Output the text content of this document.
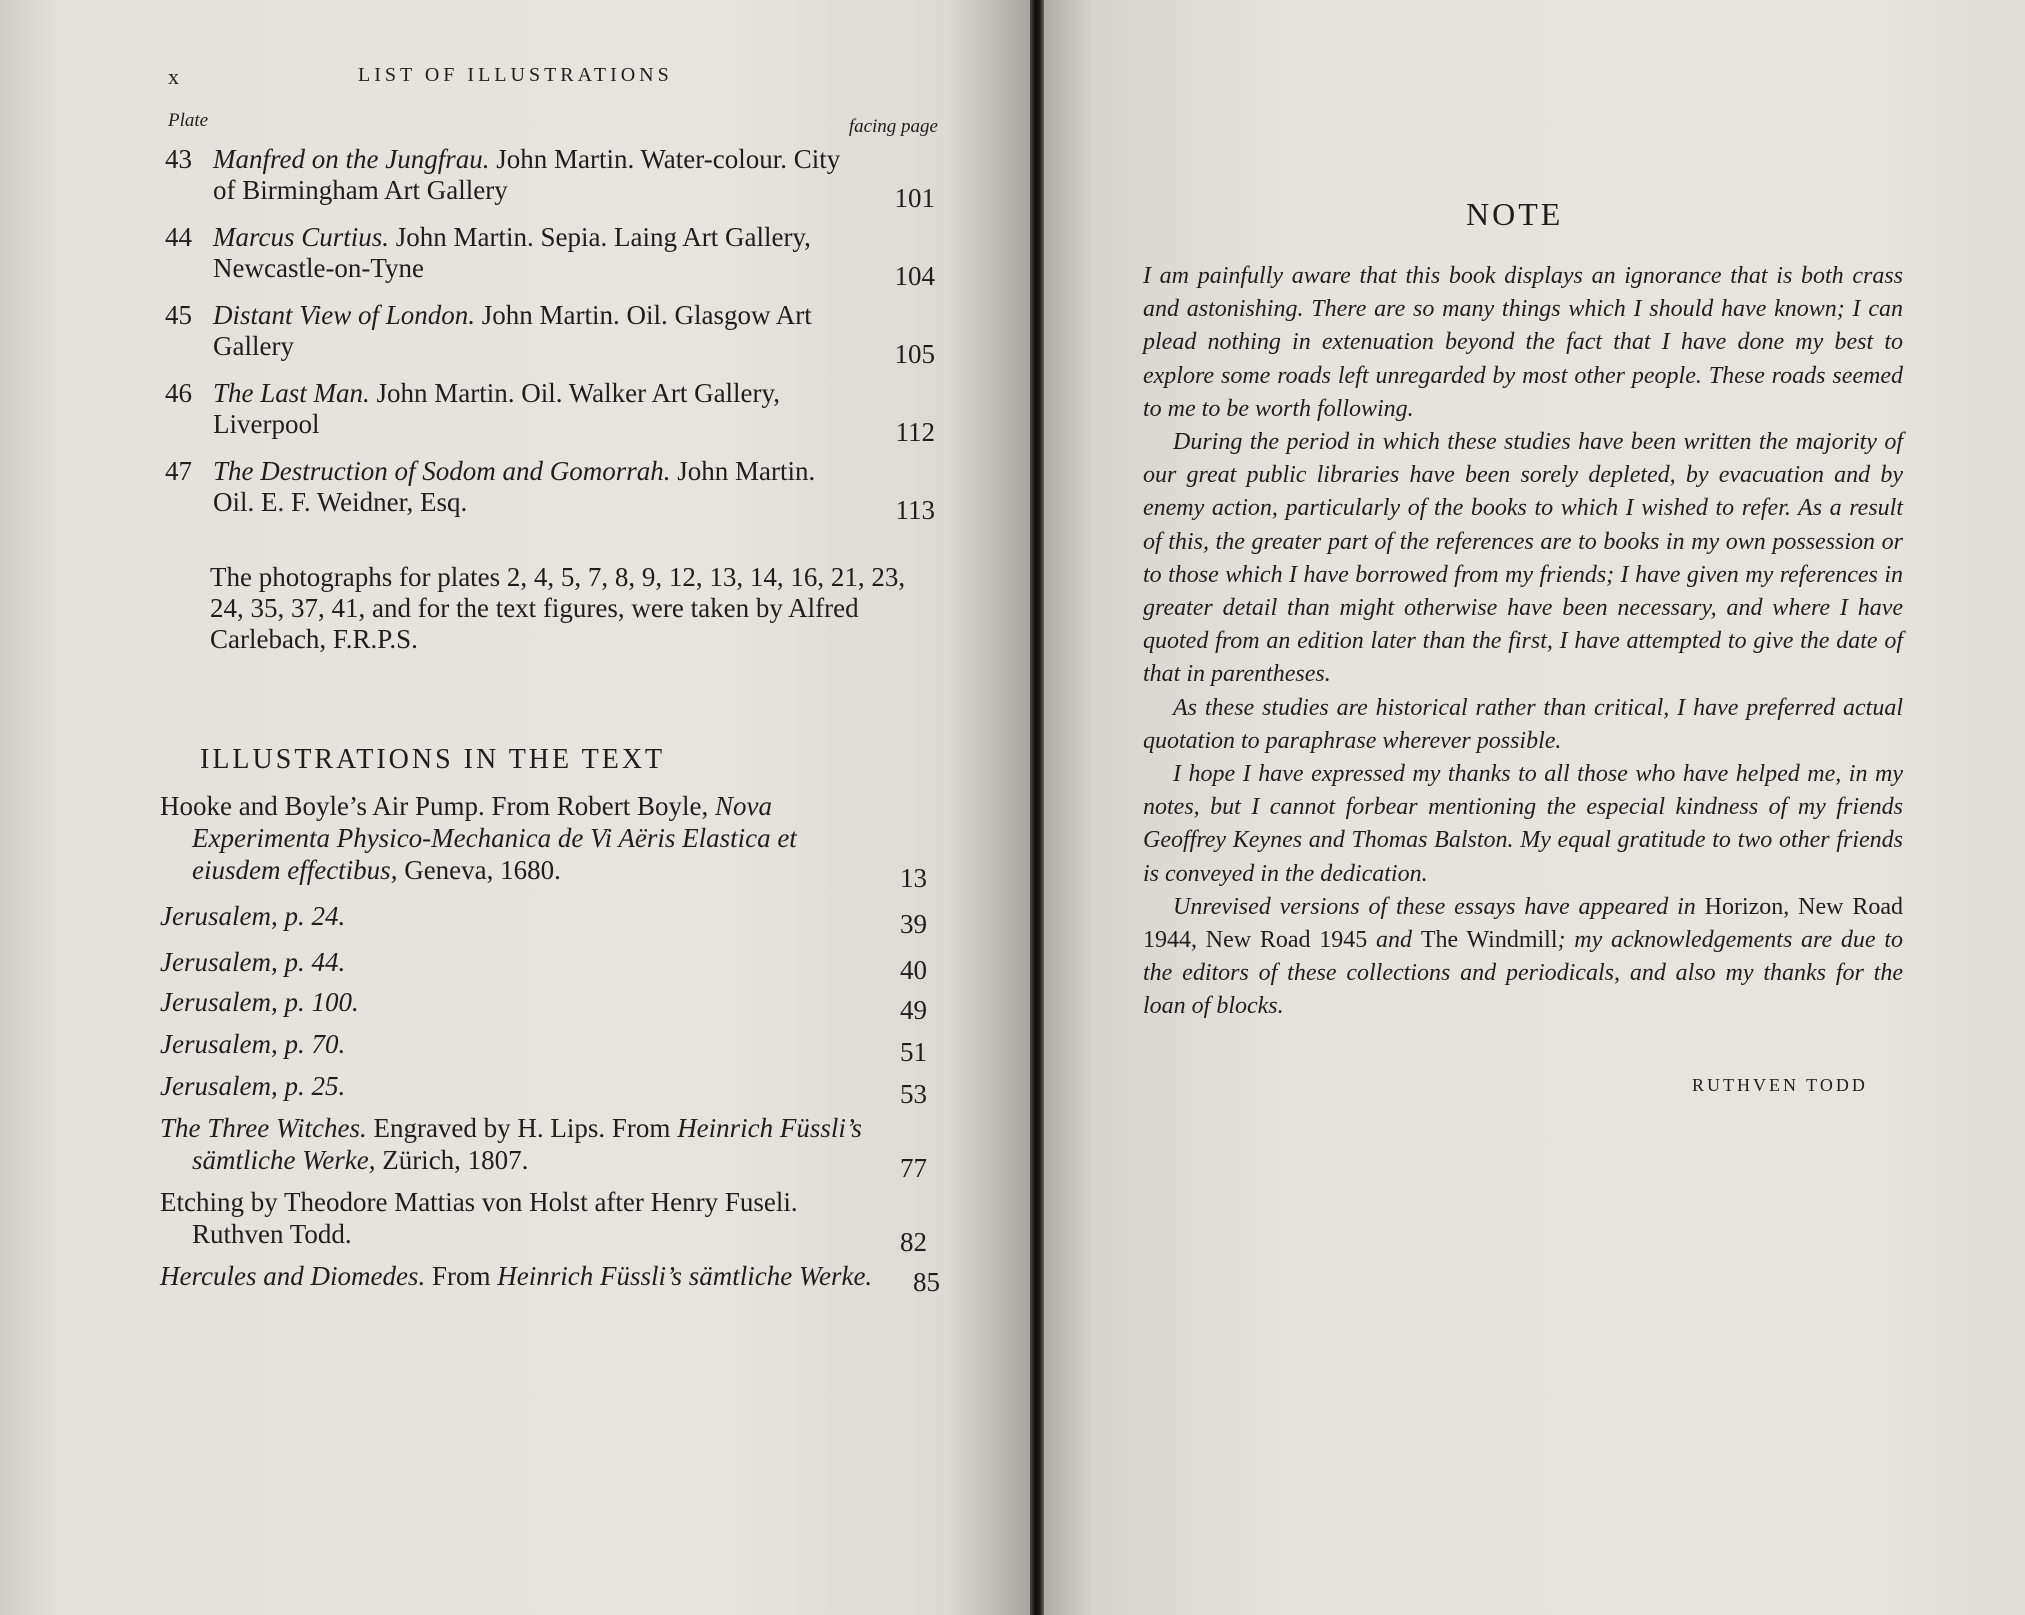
x	LIST OF ILLUSTRATIONS
Plate	facing page
43 Manfred on the Jungfrau. John Martin. Water-colour. City of Birmingham Art Gallery	101
44 Marcus Curtius. John Martin. Sepia. Laing Art Gallery, Newcastle-on-Tyne	104
45 Distant View of London. John Martin. Oil. Glasgow Art Gallery	105
46 The Last Man. John Martin. Oil. Walker Art Gallery, Liverpool	112
47 The Destruction of Sodom and Gomorrah. John Martin. Oil. E. F. Weidner, Esq.	113
The photographs for plates 2, 4, 5, 7, 8, 9, 12, 13, 14, 16, 21, 23, 24, 35, 37, 41, and for the text figures, were taken by Alfred Carlebach, F.R.P.S.
ILLUSTRATIONS IN THE TEXT
Hooke and Boyle’s Air Pump. From Robert Boyle, Nova Experimenta Physico-Mechanica de Vi Aëris Elastica et eiusdem effectibus, Geneva, 1680.	13
Jerusalem, p. 24.	39
Jerusalem, p. 44.	40
Jerusalem, p. 100.	49
Jerusalem, p. 70.	51
Jerusalem, p. 25.	53
The Three Witches. Engraved by H. Lips. From Heinrich Füssli’s sämtliche Werke, Zürich, 1807.	77
Etching by Theodore Mattias von Holst after Henry Fuseli. Ruthven Todd.	82
Hercules and Diomedes. From Heinrich Füssli’s sämtliche Werke.	85
NOTE

I am painfully aware that this book displays an ignorance that is both crass and astonishing. There are so many things which I should have known; I can plead nothing in extenuation beyond the fact that I have done my best to explore some roads left unregarded by most other people. These roads seemed to me to be worth following.

During the period in which these studies have been written the majority of our great public libraries have been sorely depleted, by evacuation and by enemy action, particularly of the books to which I wished to refer. As a result of this, the greater part of the references are to books in my own possession or to those which I have borrowed from my friends; I have given my references in greater detail than might otherwise have been necessary, and where I have quoted from an edition later than the first, I have attempted to give the date of that in parentheses.

As these studies are historical rather than critical, I have preferred actual quotation to paraphrase wherever possible.

I hope I have expressed my thanks to all those who have helped me, in my notes, but I cannot forbear mentioning the especial kindness of my friends Geoffrey Keynes and Thomas Balston. My equal gratitude to two other friends is conveyed in the dedication.

Unrevised versions of these essays have appeared in Horizon, New Road 1944, New Road 1945 and The Windmill; my acknowledgements are due to the editors of these collections and periodicals, and also my thanks for the loan of blocks.

RUTHVEN TODD
